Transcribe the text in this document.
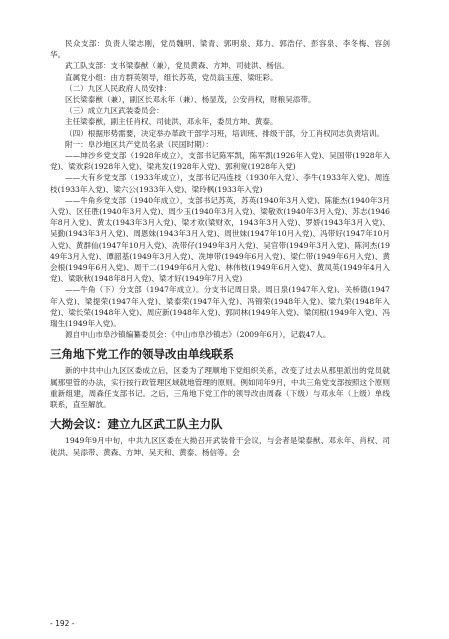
民众支部：负责人梁志刚，党员魏明、梁青、郭明泉、郑力、郭浩仔、彭容泉、李冬梅、容剑华。

武工队支部：支书梁泰猷（兼），党员黄森、方坤、司徒洪、杨信。

直属党小组：由方群英领导，组长苏英，党员翁玉莲、梁旺彩。

（二）九区人民政府人员安排：

区长梁泰猷（兼），副区长邓永年（兼）、杨显茂，公安肖权，财粮吴添带。

（三）成立九区武装委员会：

主任梁泰猷，副主任肖权、司徒洪、邓永年，委员方坤、黄泰。

（四）根据形势需要，决定举办革政干部学习班，培训班、排级干部，分工肖权同志负责培训。

附一：阜沙地区共产党员名录（民国时期）：

——坤沙乡党支部（1928年成立），支部书记陈军凯，陈军凯(1926年入党)、吴国带(1928年入党)、梁欢彩(1928年入党)、梁兆发(1928年入党)、郭利宽(1928年入党)

——大有乡党支部（1933年成立），支部书记冯连枝（1930年入党）、李牛(1933年入党)、周连枝(1933年入党)、梁六公(1933年入党)、梁玲枫(1933年入党)

——牛角乡党支部（1940年成立），支部书记苏英，苏英(1940年3月入党)、陈能杰(1940年3月入党)、区任胜(1940年3月入党)、周少玉(1940年3月入党)、梁敬欢(1940年3月入党)、苏志(1946年8月入党)、黄太(1943年3月入党)、梁才欢(梁财欢，1943年3月入党)、罗娇(1943年3月入党)、吴勤(1943年3月入党)、周恩妹(1943年3月入党)、周世妹(1947年10月入党)、冯带好(1947年10月入党)、黄群仙(1947年10月入党)、冼带仔(1949年3月入党)、吴官带(1949年3月入党)、陈河杰(1949年3月入党)、谭韶基(1949年3月入党)、冼坤带(1949年6月入党)、梁仁带(1949年6月入党)、黄会根(1949年6月入党)、周干二(1949年6月入党)、林伟枝(1949年6月入党)、黄凤英(1949年4月入党)、梁耿秋(1948年8月入党)、梁才好(1949年7月入党)

——牛角（下）分支部（1947年成立）。分支书记周日泉。周日泉(1947年入党)、关桥德(1947年入党)、梁提荣(1947年入党)、梁泰荣(1947年入党)、冯锦荣(1948年入党)、梁九荣(1948年入党)、梁长荣(1948年入党)、周应新(1948年入党)、郭同林(1949年入党)、梁闰根(1949年入党)、冯瑞生(1949年入党)。

源自中山市阜沙镇编纂委员会：《中山市阜沙镇志》（2009年6月），记载47人。

三角地下党工作的领导改由单线联系

新的中共中山九区区委成立后，区委为了理顺地下党组织关系，改变了过去从那里派出的党员就属那里管的办法，实行按行政管理区域就地管理的原则。例如同年9月，中共三角党支部按照这个原则重新组建，周森任支部书记。之后，三角地下党工作的领导改由周森（下级）与邓永年（上级）单线联系，直至解放。

大拗会议：建立九区武工队主力队

1949年9月中旬，中共九区区委在大拗召开武装骨干会议，与会者是梁泰猷、邓永年、肖权、司徒洪、吴添带、黄森、方坤、吴天和、黄泰、杨信等。会

- 192 -
